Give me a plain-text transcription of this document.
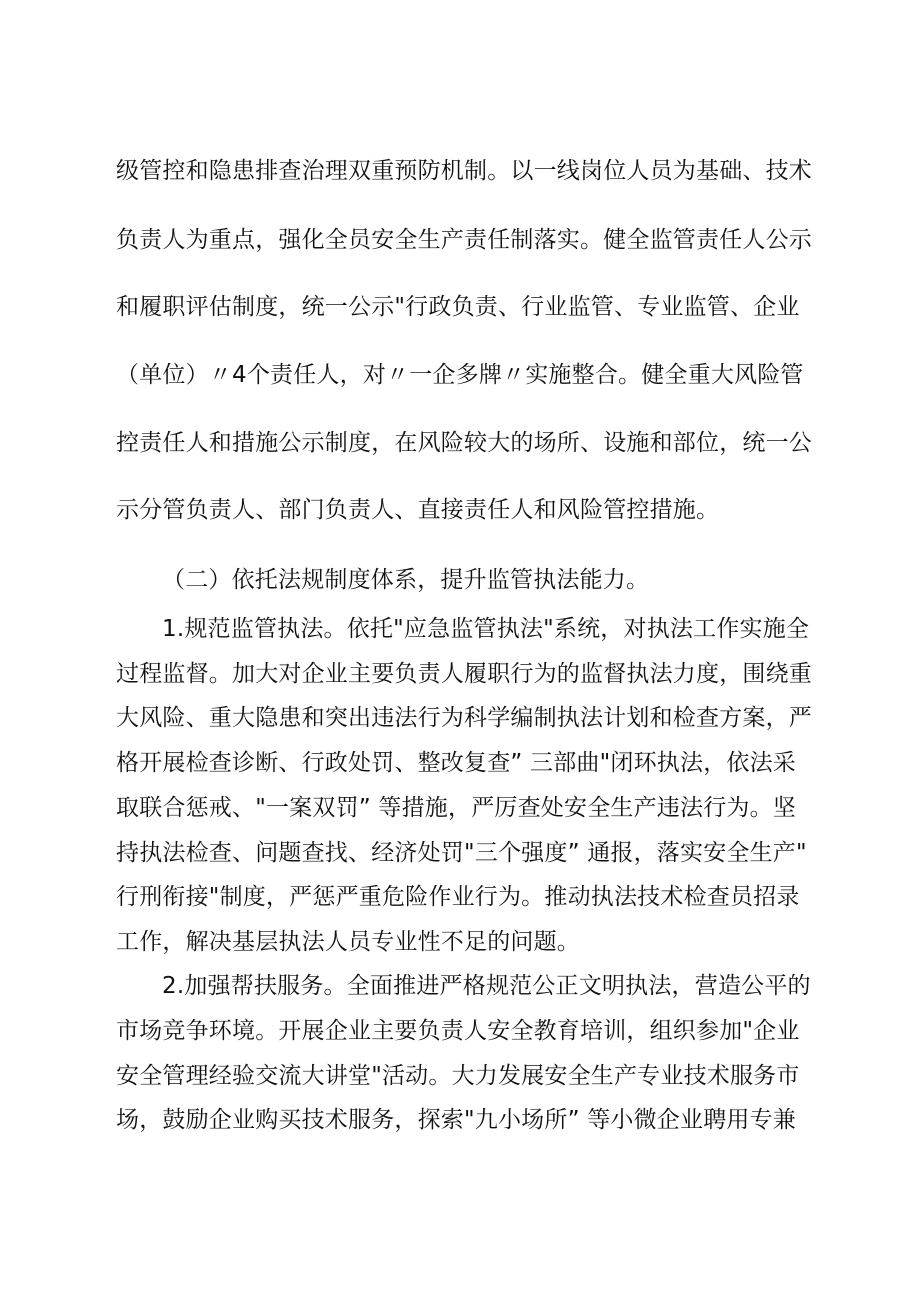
级管控和隐患排查治理双重预防机制。以一线岗位人员为基础、技术
负责人为重点，强化全员安全生产责任制落实。健全监管责任人公示
和履职评估制度，统一公示"行政负责、行业监管、专业监管、企业
（单位）〃4个责任人，对〃一企多牌〃实施整合。健全重大风险管
控责任人和措施公示制度，在风险较大的场所、设施和部位，统一公
示分管负责人、部门负责人、直接责任人和风险管控措施。
（二）依托法规制度体系，提升监管执法能力。
1.规范监管执法。依托"应急监管执法"系统，对执法工作实施全
过程监督。加大对企业主要负责人履职行为的监督执法力度，围绕重
大风险、重大隐患和突出违法行为科学编制执法计划和检查方案，严
格开展检查诊断、行政处罚、整改复查” 三部曲"闭环执法，依法采
取联合惩戒、"一案双罚” 等措施，严厉查处安全生产违法行为。坚
持执法检查、问题查找、经济处罚"三个强度” 通报，落实安全生产"
行刑衔接"制度，严惩严重危险作业行为。推动执法技术检查员招录
工作，解决基层执法人员专业性不足的问题。
2.加强帮扶服务。全面推进严格规范公正文明执法，营造公平的
市场竞争环境。开展企业主要负责人安全教育培训，组织参加"企业
安全管理经验交流大讲堂"活动。大力发展安全生产专业技术服务市
场，鼓励企业购买技术服务，探索"九小场所” 等小微企业聘用专兼
